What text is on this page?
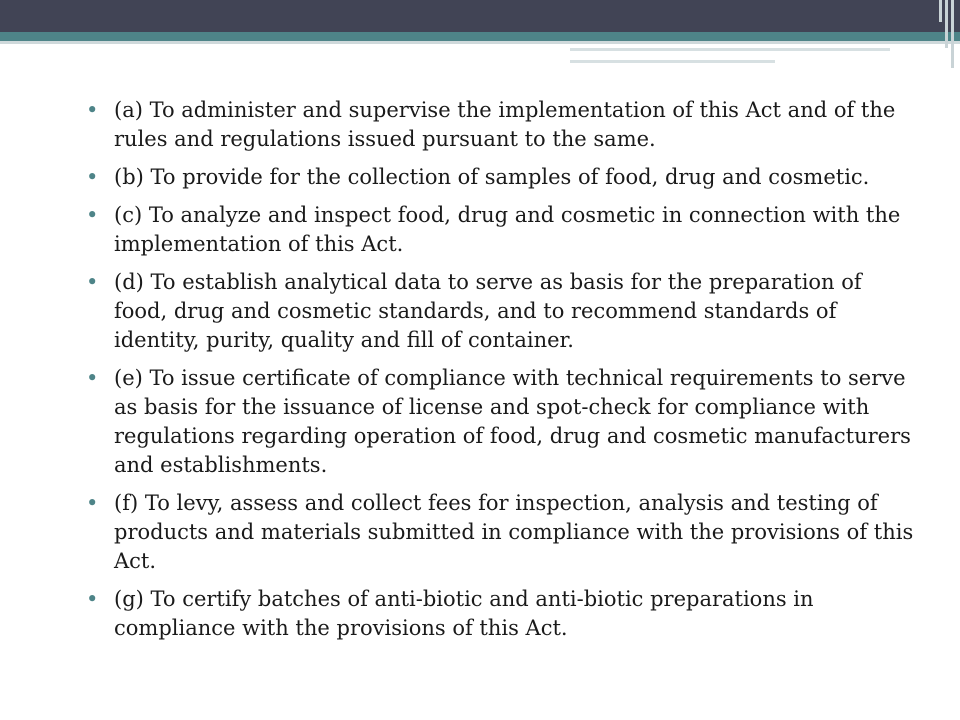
• (a) To administer and supervise the implementation of this Act and of the rules and regulations issued pursuant to the same.
• (b) To provide for the collection of samples of food, drug and cosmetic.
• (c) To analyze and inspect food, drug and cosmetic in connection with the implementation of this Act.
• (d) To establish analytical data to serve as basis for the preparation of food, drug and cosmetic standards, and to recommend standards of identity, purity, quality and fill of container.
• (e) To issue certificate of compliance with technical requirements to serve as basis for the issuance of license and spot-check for compliance with regulations regarding operation of food, drug and cosmetic manufacturers and establishments.
• (f) To levy, assess and collect fees for inspection, analysis and testing of products and materials submitted in compliance with the provisions of this Act.
• (g) To certify batches of anti-biotic and anti-biotic preparations in compliance with the provisions of this Act.
